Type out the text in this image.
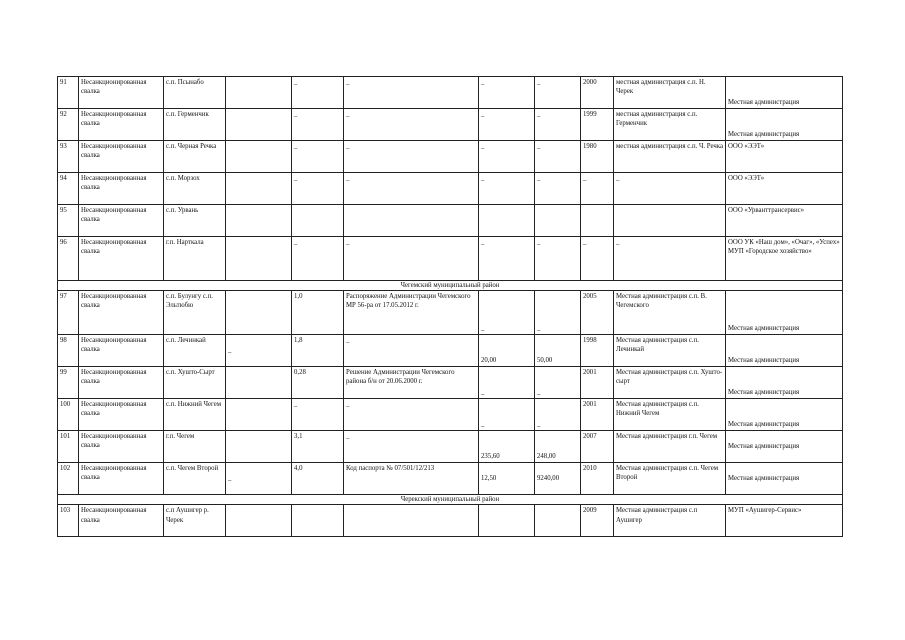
91	Несанкционированная свалка	с.п. Псынабо		_	_	_	_	2000	местная администрация с.п. Н. Черек	Местная администрация
92	Несанкционированная свалка	с.п. Герменчик		_	_	_	_	1999	местная администрация с.п. Герменчик	Местная администрация
93	Несанкционированная свалка	с.п. Черная Речка		_	_	_	_	1980	местная администрация с.п. Ч. Речка	ООО «ЭЭТ»
94	Несанкционированная свалка	с.п. Морзох		_	_	_	_	_	_	ООО «ЭЭТ»
95	Несанкционированная свалка	с.п. Урвань								ООО «Урванттрансервис»
96	Несанкционированная свалка	г.п. Нарткала		_	_	_	_	_	_	ООО УК «Наш дом», «Очаг», «Успех» МУП «Городское хозяйство»
Чегемский муниципальный район										
97	Несанкционированная свалка	с.п. Булунгу с.п. Эльтюбю		1,0	Распоряжение Администрации Чегемского МР 56-ра от 17.05.2012 г.	_	_	2005	Местная администрация с.п. В. Чегемского	Местная администрация
98	Несанкционированная свалка	с.п. Лечинкай	_	1,8	_	20,00	50,00	1998	Местная администрация с.п. Лечинкай	Местная администрация
99	Несанкционированная свалка	с.п. Хушто-Сырт		0,28	Решение Администрации Чегемского района б/н от 20.06.2000 г.	_	_	2001	Местная администрация с.п. Хушто-сырт	Местная администрация
100	Несанкционированная свалка	с.п. Нижний Чегем		_	_	_	_	2001	Местная администрация с.п. Нижний Чегем	Местная администрация
101	Несанкционированная свалка	г.п. Чегем		3,1	_	235,60	248,00	2007	Местная администрация г.п. Чегем	Местная администрация
102	Несанкционированная свалка	с.п. Чегем Второй	_	4,0	Код паспорта № 07/501/12/213	12,50	9240,00	2010	Местная администрация с.п. Чегем Второй	Местная администрация
Черекский муниципальный район										
103	Несанкционированная свалка	с.п Аушигер р. Черек						2009	Местная администрация с.п Аушигер	МУП «Аушигер-Сервис»
